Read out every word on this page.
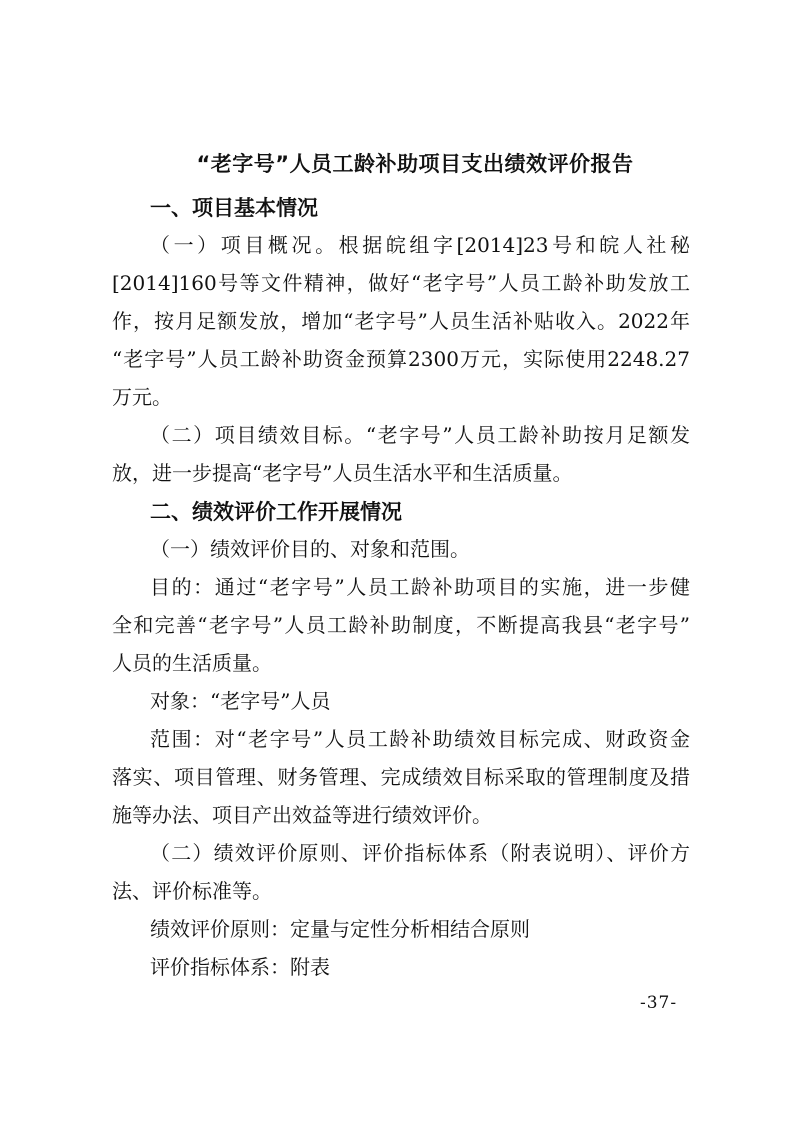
“老字号”人员工龄补助项目支出绩效评价报告
一、项目基本情况
（一）项目概况。根据皖组字[2014]23号和皖人社秘
[2014]160号等文件精神，做好“老字号”人员工龄补助发放工
作，按月足额发放，增加“老字号”人员生活补贴收入。2022年
“老字号”人员工龄补助资金预算2300万元，实际使用2248.27
万元。
（二）项目绩效目标。“老字号”人员工龄补助按月足额发
放，进一步提高“老字号”人员生活水平和生活质量。
二、绩效评价工作开展情况
（一）绩效评价目的、对象和范围。
目的：通过“老字号”人员工龄补助项目的实施，进一步健
全和完善“老字号”人员工龄补助制度，不断提高我县“老字号”
人员的生活质量。
对象：“老字号”人员
范围：对“老字号”人员工龄补助绩效目标完成、财政资金
落实、项目管理、财务管理、完成绩效目标采取的管理制度及措
施等办法、项目产出效益等进行绩效评价。
（二）绩效评价原则、评价指标体系（附表说明）、评价方
法、评价标准等。
绩效评价原则：定量与定性分析相结合原则
评价指标体系：附表
-37-
